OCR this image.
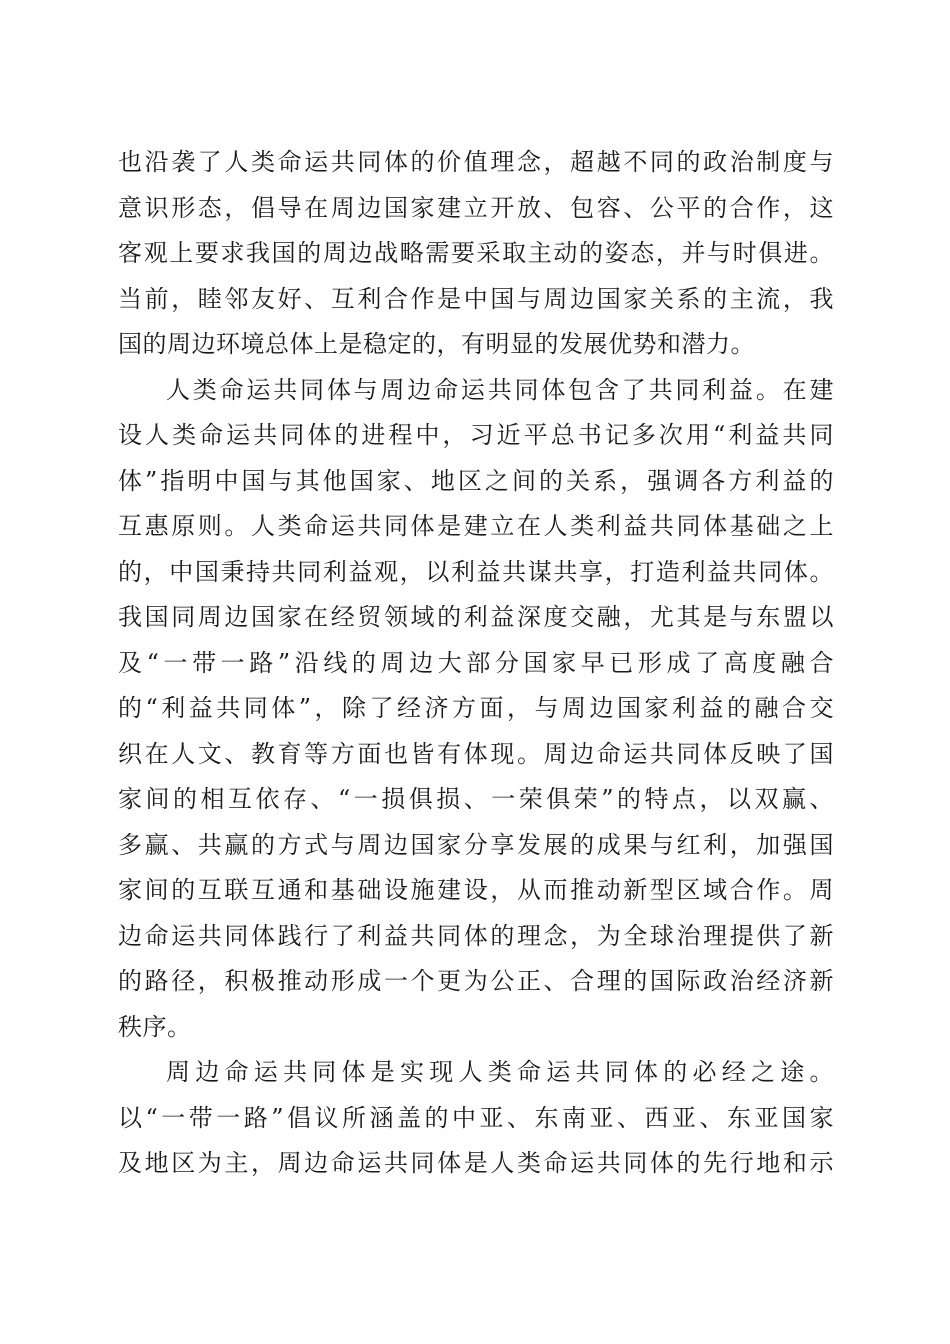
也沿袭了人类命运共同体的价值理念，超越不同的政治制度与
意识形态，倡导在周边国家建立开放、包容、公平的合作，这
客观上要求我国的周边战略需要采取主动的姿态，并与时俱进。
当前，睦邻友好、互利合作是中国与周边国家关系的主流，我
国的周边环境总体上是稳定的，有明显的发展优势和潜力。
人类命运共同体与周边命运共同体包含了共同利益。在建
设人类命运共同体的进程中，习近平总书记多次用“利益共同
体”指明中国与其他国家、地区之间的关系，强调各方利益的
互惠原则。人类命运共同体是建立在人类利益共同体基础之上
的，中国秉持共同利益观，以利益共谋共享，打造利益共同体。
我国同周边国家在经贸领域的利益深度交融，尤其是与东盟以
及“一带一路”沿线的周边大部分国家早已形成了高度融合
的“利益共同体”，除了经济方面，与周边国家利益的融合交
织在人文、教育等方面也皆有体现。周边命运共同体反映了国
家间的相互依存、“一损俱损、一荣俱荣”的特点，以双赢、
多赢、共赢的方式与周边国家分享发展的成果与红利，加强国
家间的互联互通和基础设施建设，从而推动新型区域合作。周
边命运共同体践行了利益共同体的理念，为全球治理提供了新
的路径，积极推动形成一个更为公正、合理的国际政治经济新
秩序。
周边命运共同体是实现人类命运共同体的必经之途。
以“一带一路”倡议所涵盖的中亚、东南亚、西亚、东亚国家
及地区为主，周边命运共同体是人类命运共同体的先行地和示
